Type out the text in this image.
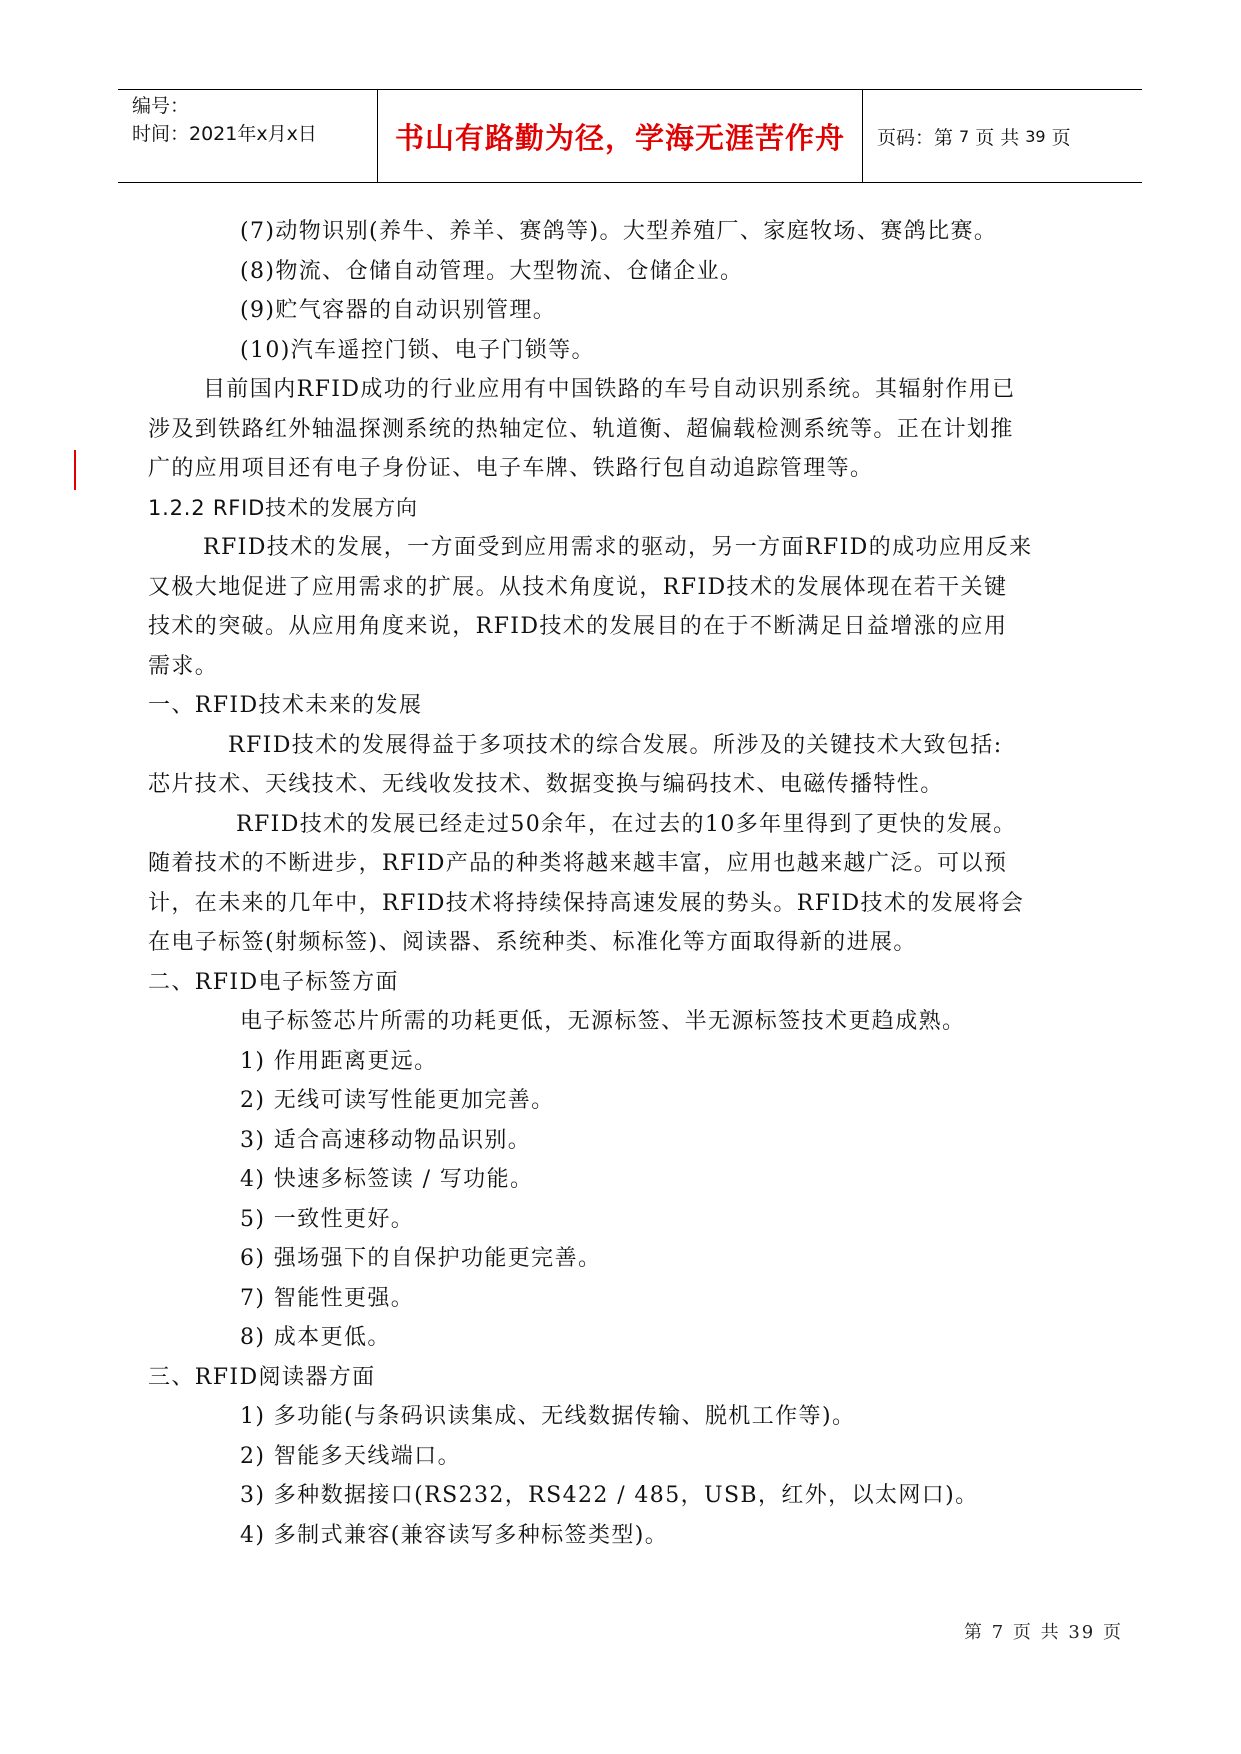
编号：
时间：2021年x月x日	书山有路勤为径，学海无涯苦作舟 页码：第 7 页 共 39 页
(7)动物识别(养牛、养羊、赛鸽等)。大型养殖厂、家庭牧场、赛鸽比赛。
(8)物流、仓储自动管理。大型物流、仓储企业。
(9)贮气容器的自动识别管理。
(10)汽车遥控门锁、电子门锁等。
目前国内RFID成功的行业应用有中国铁路的车号自动识别系统。其辐射作用已
涉及到铁路红外轴温探测系统的热轴定位、轨道衡、超偏载检测系统等。正在计划推
广的应用项目还有电子身份证、电子车牌、铁路行包自动追踪管理等。
1.2.2 RFID技术的发展方向
RFID技术的发展，一方面受到应用需求的驱动，另一方面RFID的成功应用反来
又极大地促进了应用需求的扩展。从技术角度说，RFID技术的发展体现在若干关键
技术的突破。从应用角度来说，RFID技术的发展目的在于不断满足日益增涨的应用
需求。
一、RFID技术未来的发展
RFID技术的发展得益于多项技术的综合发展。所涉及的关键技术大致包括:
芯片技术、天线技术、无线收发技术、数据变换与编码技术、电磁传播特性。
RFID技术的发展已经走过50余年，在过去的10多年里得到了更快的发展。
随着技术的不断进步，RFID产品的种类将越来越丰富，应用也越来越广泛。可以预
计，在未来的几年中，RFID技术将持续保持高速发展的势头。RFID技术的发展将会
在电子标签(射频标签)、阅读器、系统种类、标准化等方面取得新的进展。
二、RFID电子标签方面
电子标签芯片所需的功耗更低，无源标签、半无源标签技术更趋成熟。
1) 作用距离更远。
2) 无线可读写性能更加完善。
3) 适合高速移动物品识别。
4) 快速多标签读 / 写功能。
5) 一致性更好。
6) 强场强下的自保护功能更完善。
7) 智能性更强。
8) 成本更低。
三、RFID阅读器方面
1) 多功能(与条码识读集成、无线数据传输、脱机工作等)。
2) 智能多天线端口。
3) 多种数据接口(RS232，RS422 / 485，USB，红外，以太网口)。
4) 多制式兼容(兼容读写多种标签类型)。
第 7 页 共 39 页
